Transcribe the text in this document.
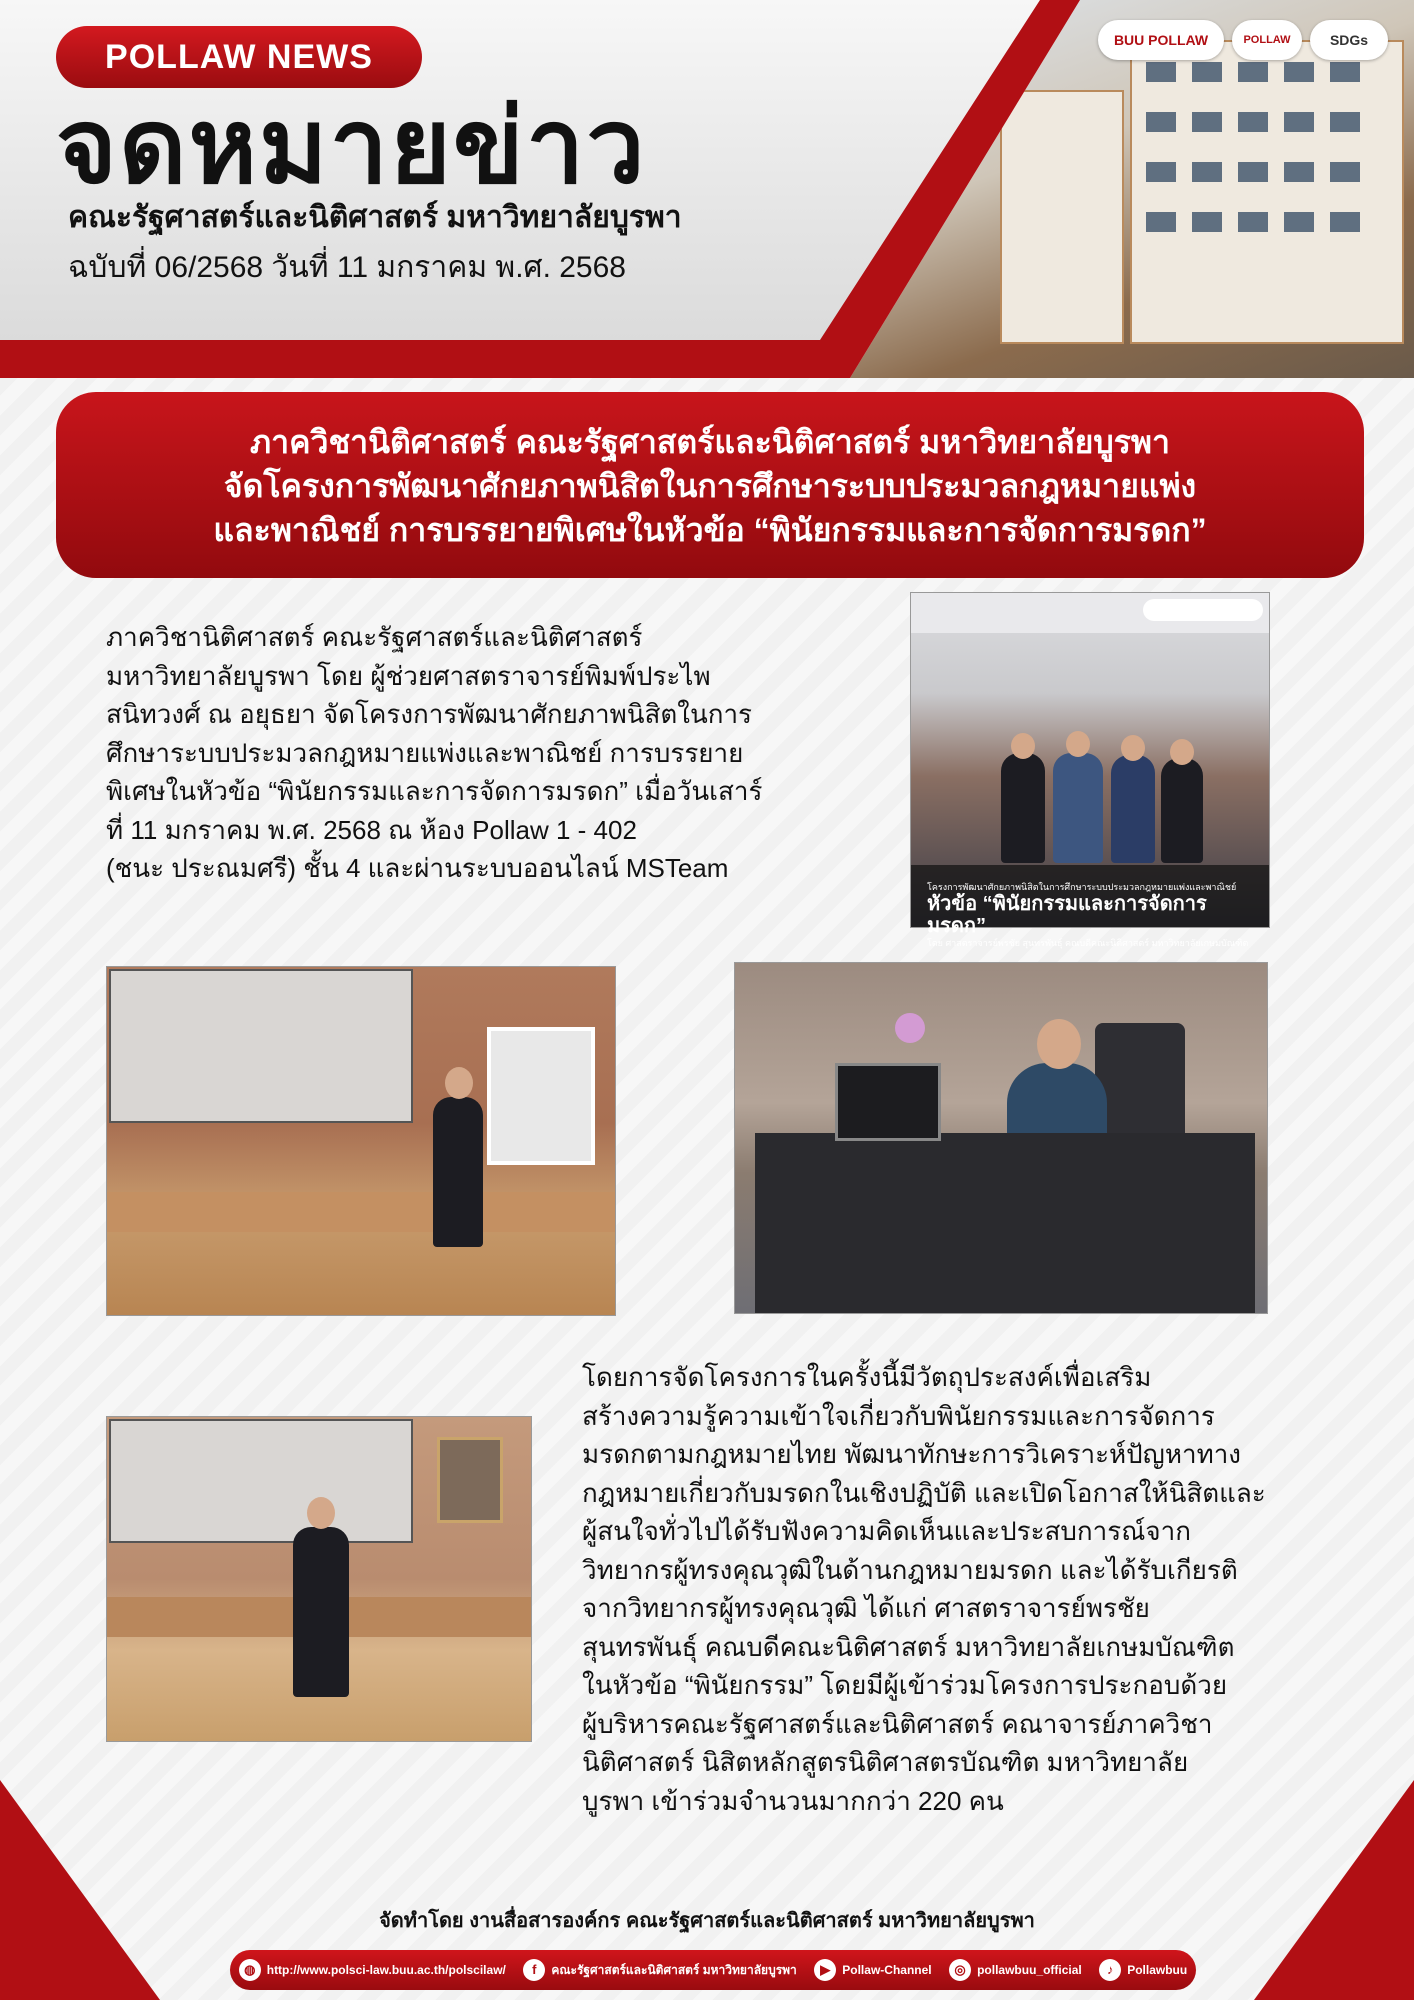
POLLAW NEWS
จดหมายข่าว
คณะรัฐศาสตร์และนิติศาสตร์ มหาวิทยาลัยบูรพา
ฉบับที่ 06/2568 วันที่ 11 มกราคม พ.ศ. 2568
BUU POLLAW	POLLAW	SDGs
ภาควิชานิติศาสตร์ คณะรัฐศาสตร์และนิติศาสตร์ มหาวิทยาลัยบูรพา
จัดโครงการพัฒนาศักยภาพนิสิตในการศึกษาระบบประมวลกฎหมายแพ่ง
และพาณิชย์ การบรรยายพิเศษในหัวข้อ “พินัยกรรมและการจัดการมรดก”
ภาควิชานิติศาสตร์ คณะรัฐศาสตร์และนิติศาสตร์
มหาวิทยาลัยบูรพา โดย ผู้ช่วยศาสตราจารย์พิมพ์ประไพ
สนิทวงศ์ ณ อยุธยา จัดโครงการพัฒนาศักยภาพนิสิตในการ
ศึกษาระบบประมวลกฎหมายแพ่งและพาณิชย์ การบรรยาย
พิเศษในหัวข้อ “พินัยกรรมและการจัดการมรดก” เมื่อวันเสาร์
ที่ 11 มกราคม พ.ศ. 2568 ณ ห้อง Pollaw 1 - 402
(ชนะ ประณมศรี) ชั้น 4 และผ่านระบบออนไลน์ MSTeam
โครงการพัฒนาศักยภาพนิสิตในการศึกษาระบบประมวลกฎหมายแพ่งและพาณิชย์
หัวข้อ “พินัยกรรมและการจัดการมรดก”
โดย ศาสตราจารย์พรชัย สุนทรพันธุ์ คณบดีคณะนิติศาสตร์ มหาวิทยาลัยเกษมบัณฑิต
โดยการจัดโครงการในครั้งนี้มีวัตถุประสงค์เพื่อเสริม
สร้างความรู้ความเข้าใจเกี่ยวกับพินัยกรรมและการจัดการ
มรดกตามกฎหมายไทย พัฒนาทักษะการวิเคราะห์ปัญหาทาง
กฎหมายเกี่ยวกับมรดกในเชิงปฏิบัติ และเปิดโอกาสให้นิสิตและ
ผู้สนใจทั่วไปได้รับฟังความคิดเห็นและประสบการณ์จาก
วิทยากรผู้ทรงคุณวุฒิในด้านกฎหมายมรดก และได้รับเกียรติ
จากวิทยากรผู้ทรงคุณวุฒิ ได้แก่ ศาสตราจารย์พรชัย
สุนทรพันธุ์ คณบดีคณะนิติศาสตร์ มหาวิทยาลัยเกษมบัณฑิต
ในหัวข้อ “พินัยกรรม” โดยมีผู้เข้าร่วมโครงการประกอบด้วย
ผู้บริหารคณะรัฐศาสตร์และนิติศาสตร์ คณาจารย์ภาควิชา
นิติศาสตร์ นิสิตหลักสูตรนิติศาสตรบัณฑิต มหาวิทยาลัย
บูรพา เข้าร่วมจำนวนมากกว่า 220 คน
จัดทำโดย งานสื่อสารองค์กร คณะรัฐศาสตร์และนิติศาสตร์ มหาวิทยาลัยบูรพา
◍ http://www.polsci-law.buu.ac.th/polscilaw/	f	คณะรัฐศาสตร์และนิติศาสตร์ มหาวิทยาลัยบูรพา	▶	Pollaw-Channel	◎ pollawbuu_official	♪	Pollawbuu
